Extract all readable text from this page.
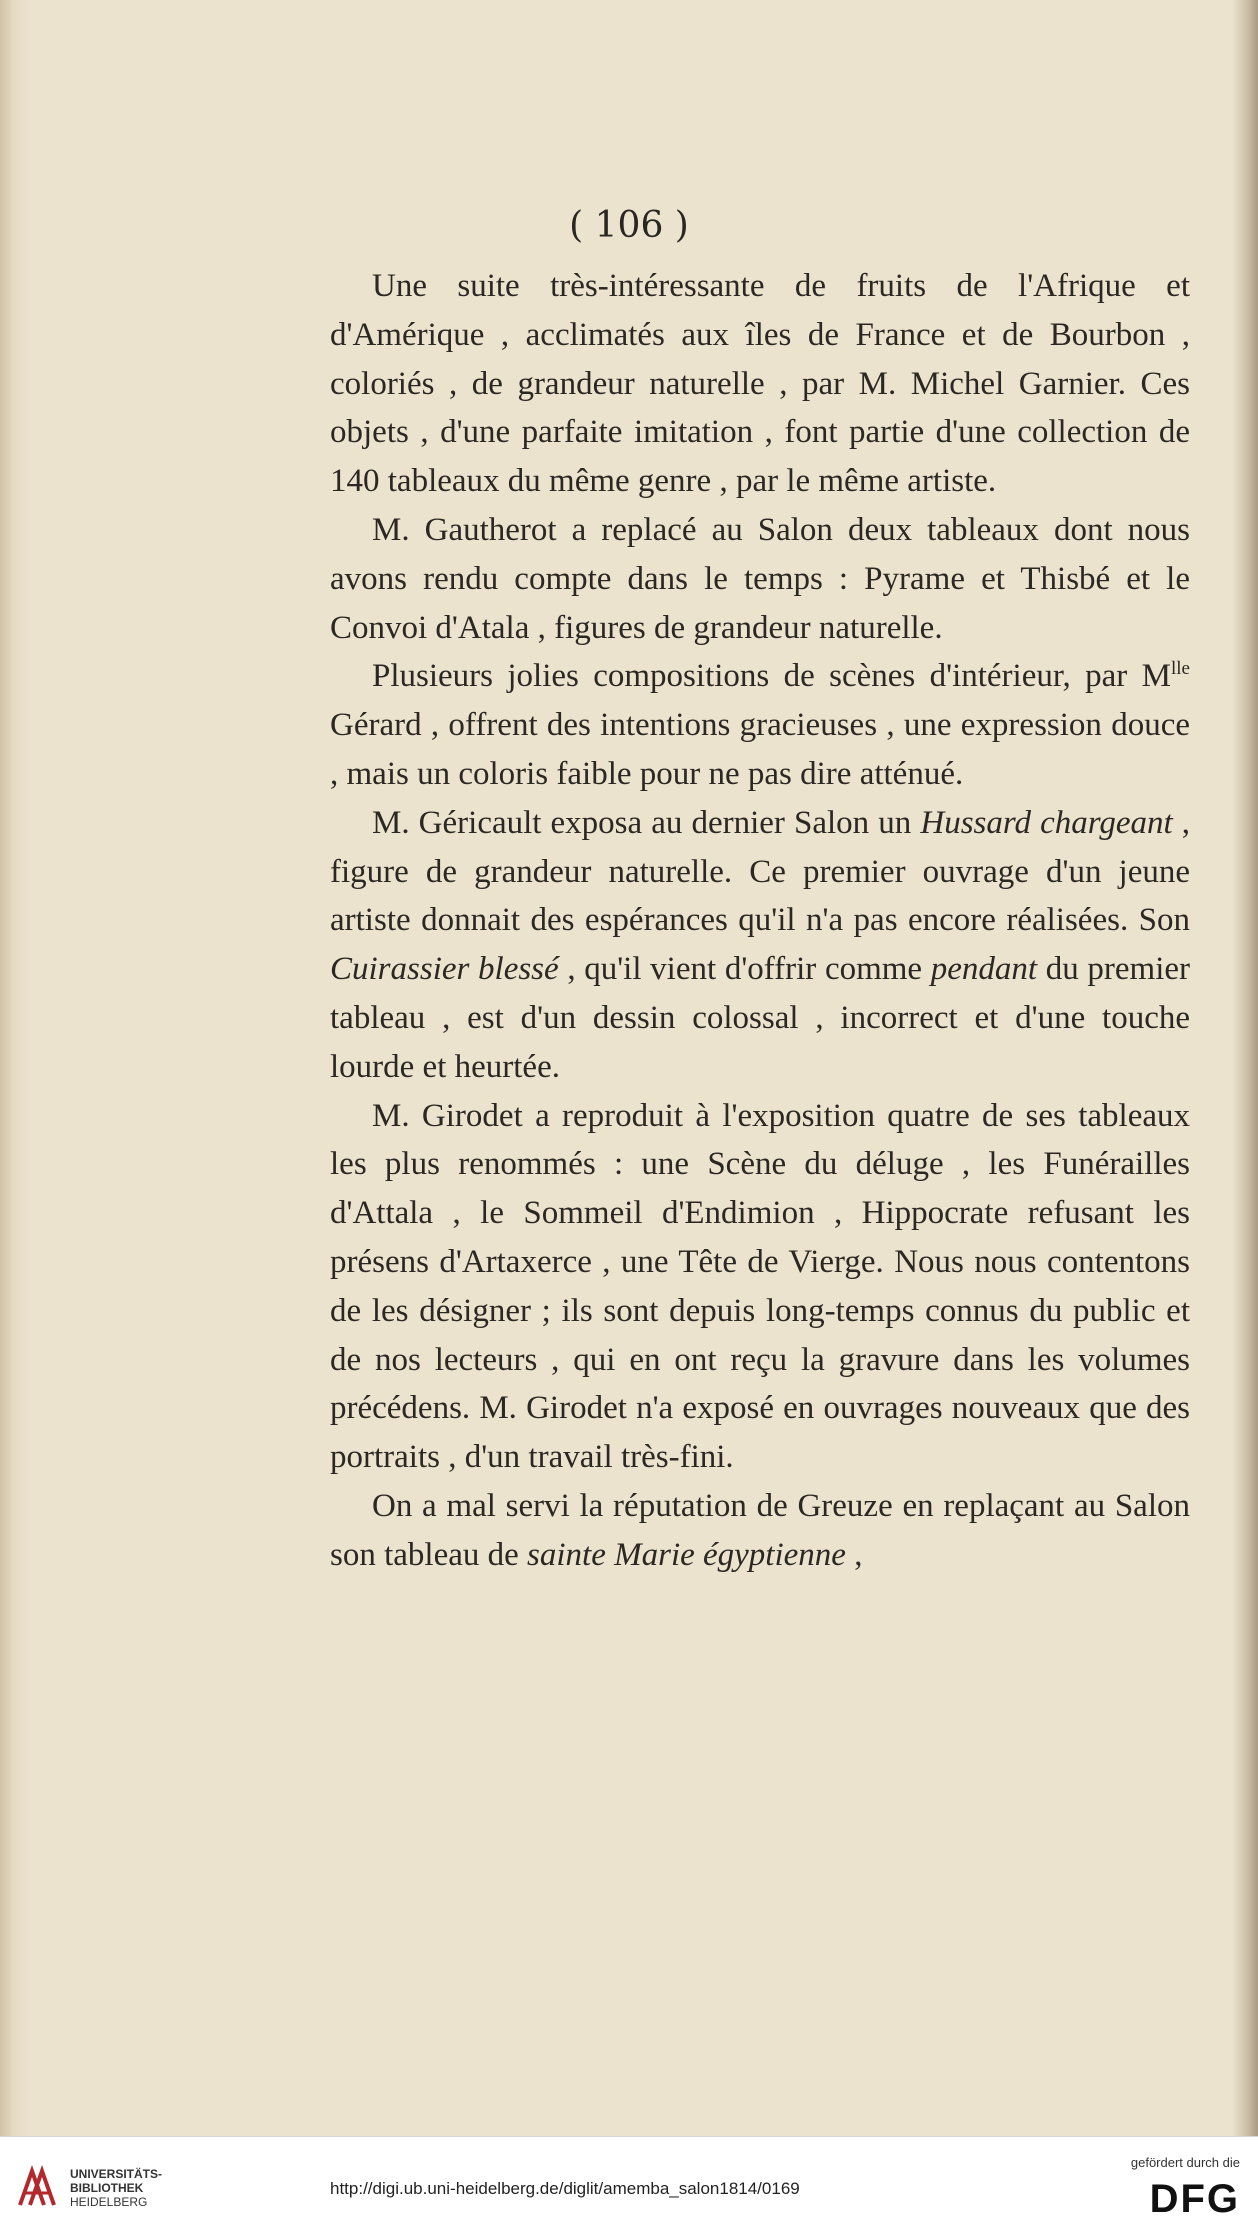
( 106 )

Une suite très-intéressante de fruits de l'Afrique et d'Amérique , acclimatés aux îles de France et de Bourbon , coloriés , de grandeur naturelle , par M. Michel Garnier. Ces objets , d'une parfaite imitation , font partie d'une collection de 140 tableaux du même genre , par le même artiste.

M. Gautherot a replacé au Salon deux tableaux dont nous avons rendu compte dans le temps : Pyrame et Thisbé et le Convoi d'Atala , figures de grandeur naturelle.

Plusieurs jolies compositions de scènes d'intérieur, par $M^{lle}$ Gérard , offrent des intentions gracieuses , une expression douce , mais un coloris faible pour ne pas dire atténué.

M. Géricault exposa au dernier Salon un Hussard chargeant , figure de grandeur naturelle. Ce premier ouvrage d'un jeune artiste donnait des espérances qu'il n'a pas encore réalisées. Son Cuirassier blessé , qu'il vient d'offrir comme pendant du premier tableau , est d'un dessin colossal , incorrect et d'une touche lourde et heurtée.

M. Girodet a reproduit à l'exposition quatre de ses tableaux les plus renommés : une Scène du déluge , les Funérailles d'Attala , le Sommeil d'Endimion , Hippocrate refusant les présens d'Artaxerce , une Tête de Vierge. Nous nous contentons de les désigner ; ils sont depuis long-temps connus du public et de nos lecteurs , qui en ont reçu la gravure dans les volumes précédens. M. Girodet n'a exposé en ouvrages nouveaux que des portraits , d'un travail très-fini.

On a mal servi la réputation de Greuze en replaçant au Salon son tableau de sainte Marie égyptienne ,

UNIVERSITÄTS-
BIBLIOTHEK
HEIDELBERG
http://digi.ub.uni-heidelberg.de/diglit/amemba_salon1814/0169
gefördert durch die
DFG
